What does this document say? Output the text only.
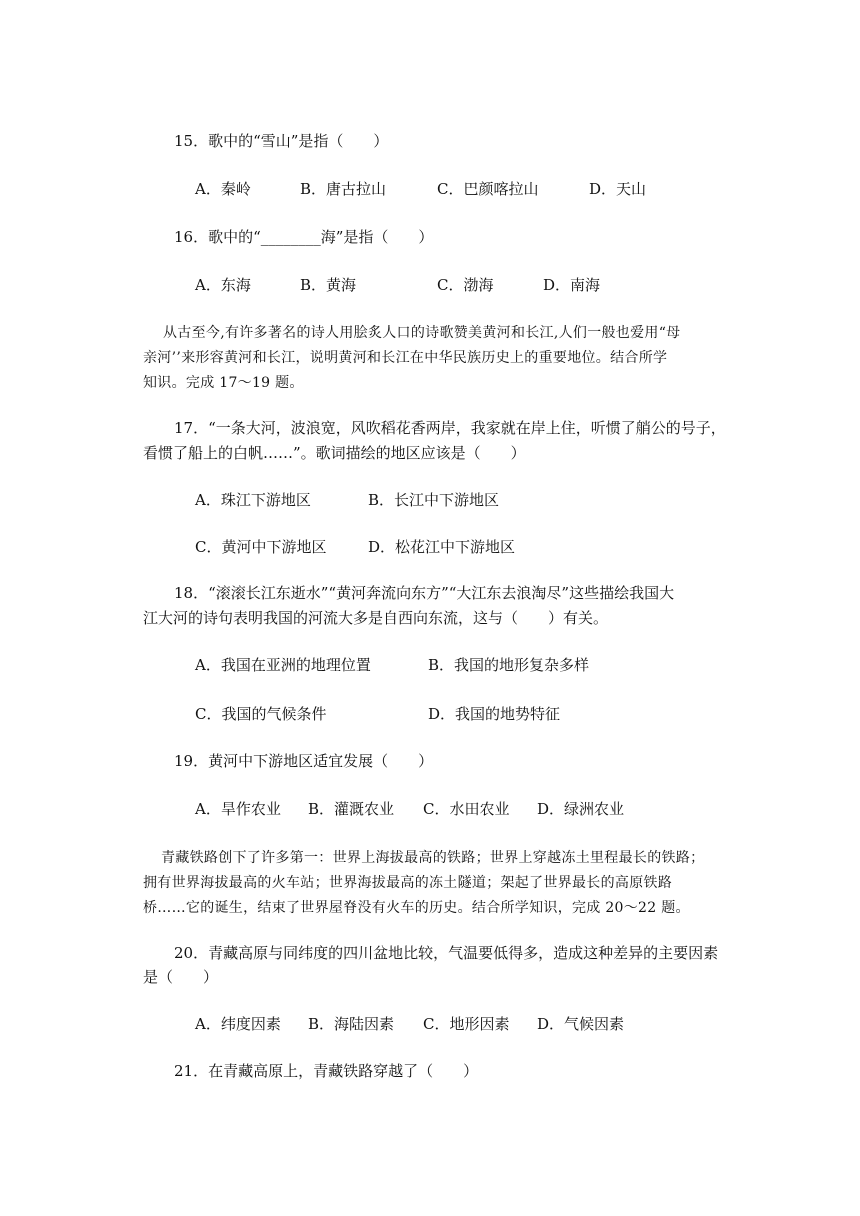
15．歌中的“雪山”是指（　　）
A．秦岭	B．唐古拉山	C．巴颜喀拉山	D．天山
16．歌中的“________海”是指（　　）
A．东海	B．黄海	C．渤海	D．南海
从古至今,有许多著名的诗人用脍炙人口的诗歌赞美黄河和长江,人们一般也爱用“母
亲河’’来形容黄河和长江，说明黄河和长江在中华民族历史上的重要地位。结合所学
知识。完成 17～19 题。
17．“一条大河，波浪宽，风吹稻花香两岸，我家就在岸上住，听惯了艄公的号子，
看惯了船上的白帆……”。歌词描绘的地区应该是（　　）
A．珠江下游地区	B．长江中下游地区
C．黄河中下游地区	D．松花江中下游地区
18．“滚滚长江东逝水”“黄河奔流向东方”“大江东去浪淘尽”这些描绘我国大
江大河的诗句表明我国的河流大多是自西向东流，这与（　　）有关。
A．我国在亚洲的地理位置	B．我国的地形复杂多样
C．我国的气候条件	D．我国的地势特征
19．黄河中下游地区适宜发展（　　）
A．旱作农业 B．灌溉农业 C．水田农业 D．绿洲农业
青藏铁路创下了许多第一：世界上海拔最高的铁路；世界上穿越冻土里程最长的铁路；
拥有世界海拔最高的火车站；世界海拔最高的冻土隧道；架起了世界最长的高原铁路
桥……它的诞生，结束了世界屋脊没有火车的历史。结合所学知识，完成 20～22 题。
20．青藏高原与同纬度的四川盆地比较，气温要低得多，造成这种差异的主要因素
是（　　）
A．纬度因素 B．海陆因素 C．地形因素 D．气候因素
21．在青藏高原上，青藏铁路穿越了（　　）
